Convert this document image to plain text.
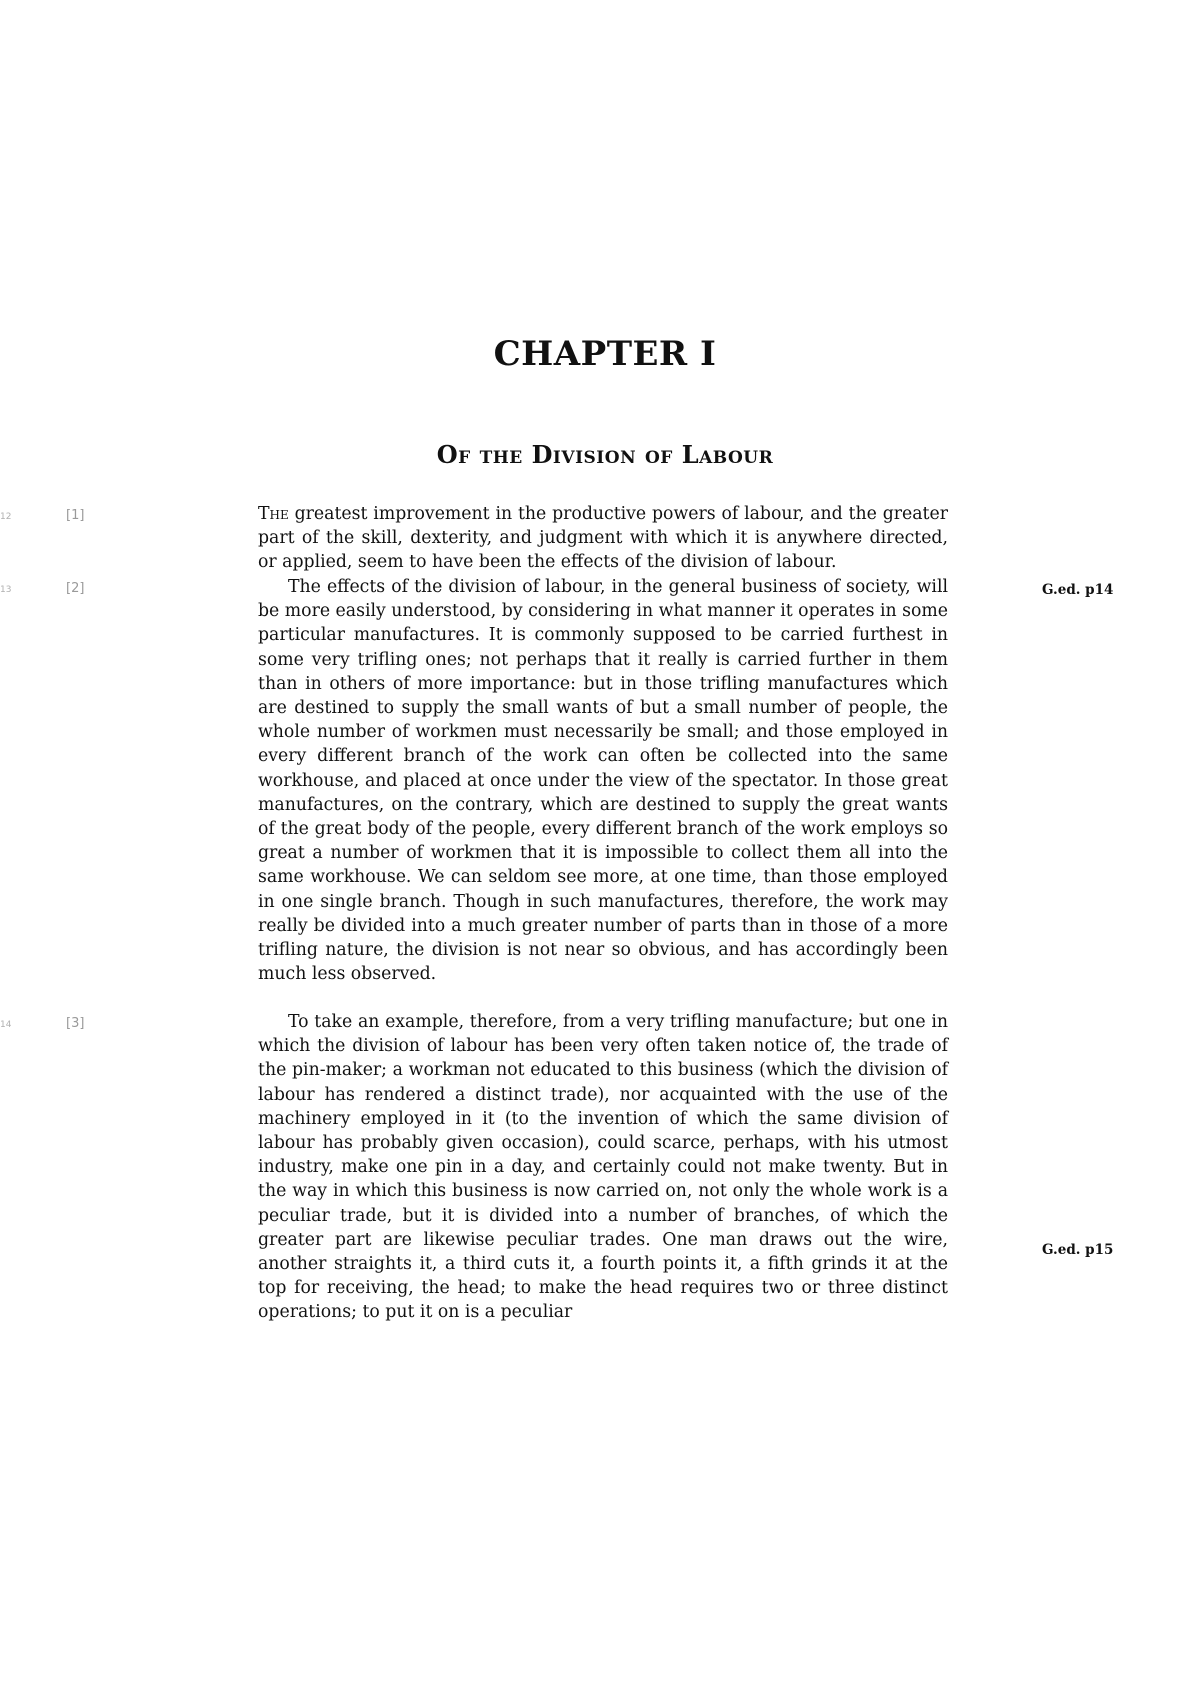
CHAPTER I
Of the Division of Labour
12	[1]
13	[2]
14	[3]
G.ed. p14
G.ed. p15

The greatest improvement in the productive powers of labour, and the greater part of the skill, dexterity, and judgment with which it is anywhere directed, or applied, seem to have been the effects of the division of labour.

The effects of the division of labour, in the general business of society, will be more easily understood, by considering in what manner it operates in some particular manufactures. It is commonly supposed to be carried furthest in some very trifling ones; not perhaps that it really is carried further in them than in others of more importance: but in those trifling manufactures which are destined to supply the small wants of but a small number of people, the whole number of workmen must necessarily be small; and those employed in every different branch of the work can often be collected into the same workhouse, and placed at once under the view of the spectator. In those great manufactures, on the contrary, which are destined to supply the great wants of the great body of the people, every different branch of the work employs so great a number of workmen that it is impossible to collect them all into the same workhouse. We can seldom see more, at one time, than those employed in one single branch. Though in such manufactures, therefore, the work may really be divided into a much greater number of parts than in those of a more trifling nature, the division is not near so obvious, and has accordingly been much less observed.

To take an example, therefore, from a very trifling manufacture; but one in which the division of labour has been very often taken notice of, the trade of the pin-maker; a workman not educated to this business (which the division of labour has rendered a distinct trade), nor acquainted with the use of the machinery employed in it (to the invention of which the same division of labour has probably given occasion), could scarce, perhaps, with his utmost industry, make one pin in a day, and certainly could not make twenty. But in the way in which this business is now carried on, not only the whole work is a peculiar trade, but it is divided into a number of branches, of which the greater part are likewise peculiar trades. One man draws out the wire, another straights it, a third cuts it, a fourth points it, a fifth grinds it at the top for receiving, the head; to make the head requires two or three distinct operations; to put it on is a peculiar
